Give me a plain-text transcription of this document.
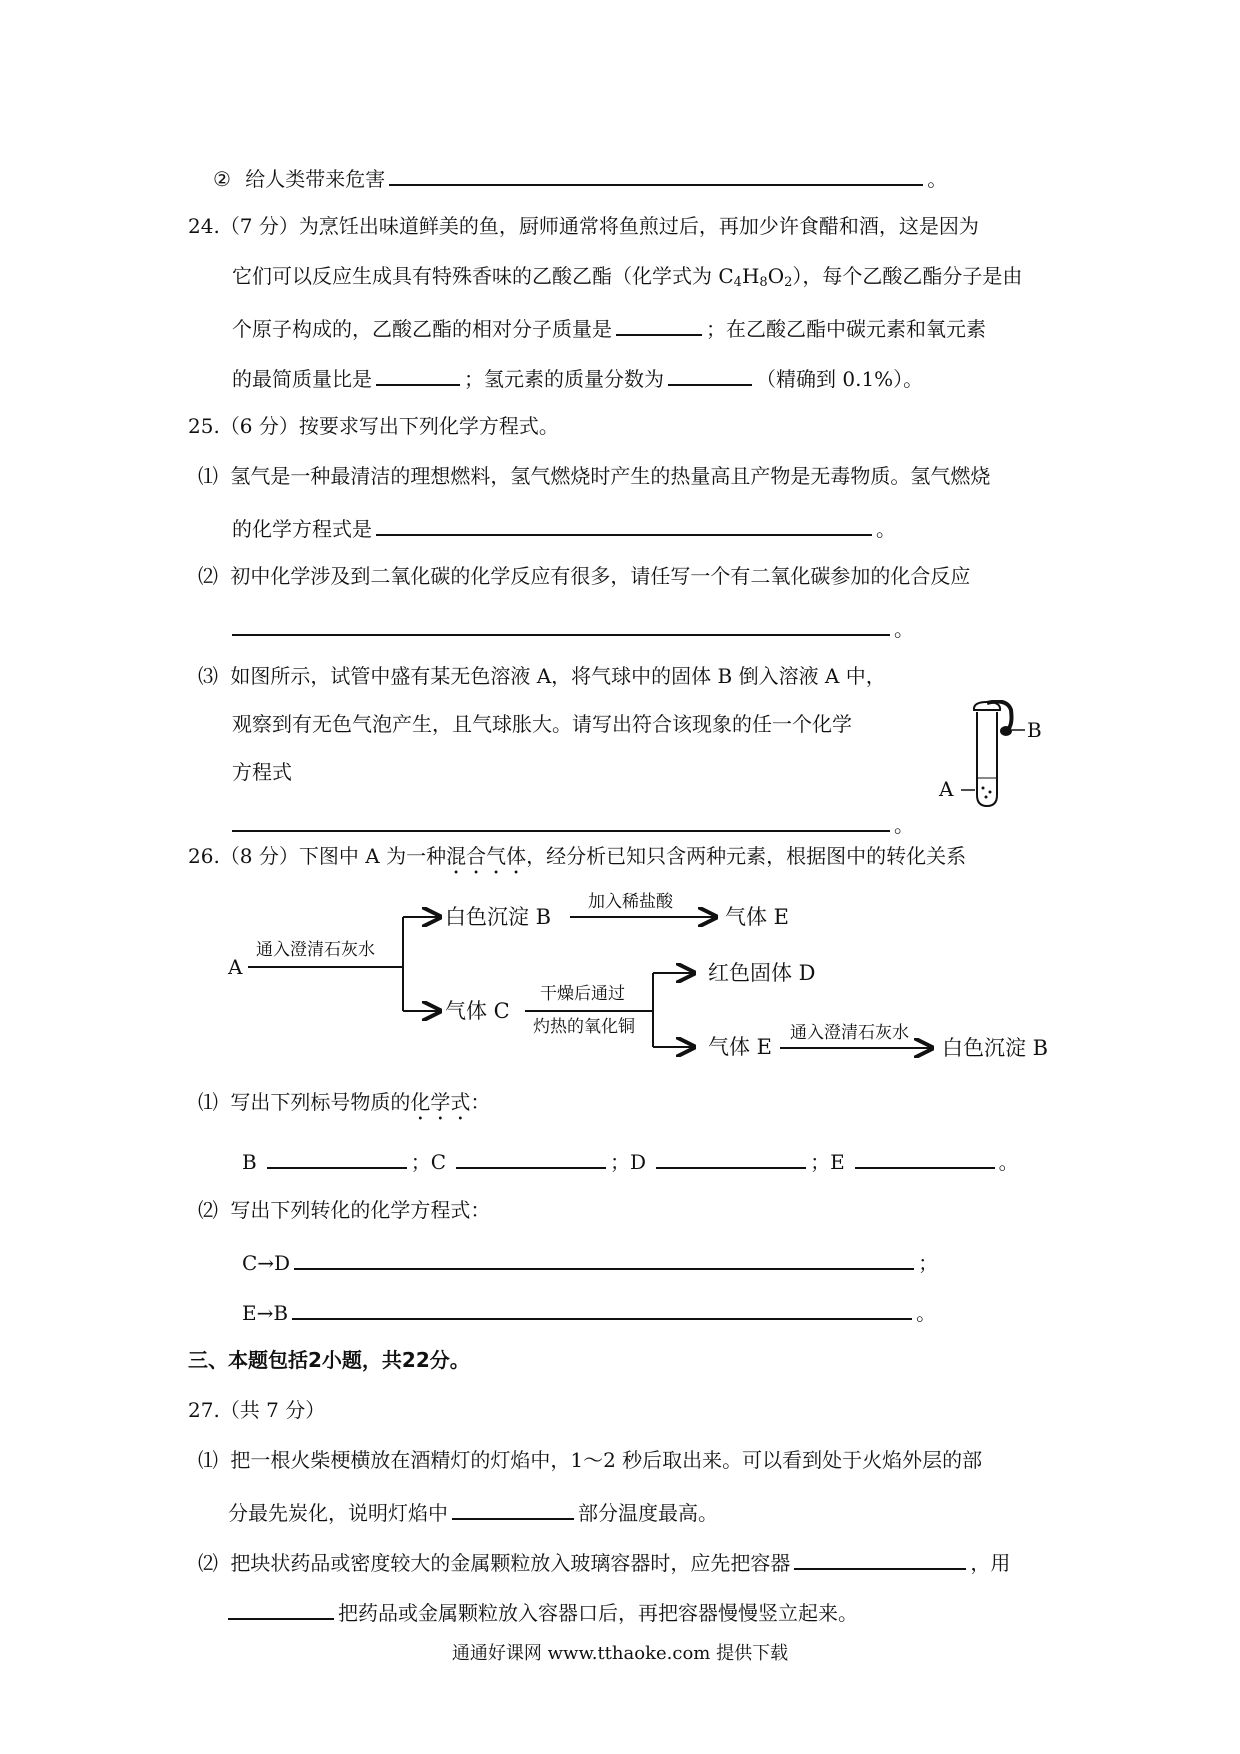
② 给人类带来危害	。
24.（7 分）为烹饪出味道鲜美的鱼，厨师通常将鱼煎过后，再加少许食醋和酒，这是因为
它们可以反应生成具有特殊香味的乙酸乙酯（化学式为 $C_4H_8O_2$），每个乙酸乙酯分子是由
个原子构成的，乙酸乙酯的相对分子质量是	；在乙酸乙酯中碳元素和氧元素
的最简质量比是	；氢元素的质量分数为	（精确到 0.1%）。
25.（6 分）按要求写出下列化学方程式。
⑴ 氢气是一种最清洁的理想燃料，氢气燃烧时产生的热量高且产物是无毒物质。氢气燃烧
的化学方程式是	。
⑵ 初中化学涉及到二氧化碳的化学反应有很多，请任写一个有二氧化碳参加的化合反应
。
⑶ 如图所示，试管中盛有某无色溶液 A，将气球中的固体 B 倒入溶液 A 中，
观察到有无色气泡产生，且气球胀大。请写出符合该现象的任一个化学
方程式
。
B
A
26.（8 分）下图中 A 为一种混合气体，经分析已知只含两种元素，根据图中的转化关系
A
通入澄清石灰水
白色沉淀 B
加入稀盐酸
气体 E
气体 C
干燥后通过
灼热的氧化铜
红色固体 D
气体 E
通入澄清石灰水
白色沉淀 B
⑴ 写出下列标号物质的化学式：
B	；C	；D	；E	。
⑵ 写出下列转化的化学方程式：
C→D	；
E→B	。
三、本题包括2小题，共22分。
27.（共 7 分）
⑴ 把一根火柴梗横放在酒精灯的灯焰中，1～2 秒后取出来。可以看到处于火焰外层的部
分最先炭化，说明灯焰中	部分温度最高。
⑵ 把块状药品或密度较大的金属颗粒放入玻璃容器时，应先把容器	，用
把药品或金属颗粒放入容器口后，再把容器慢慢竖立起来。
通通好课网 www.tthaoke.com 提供下载
